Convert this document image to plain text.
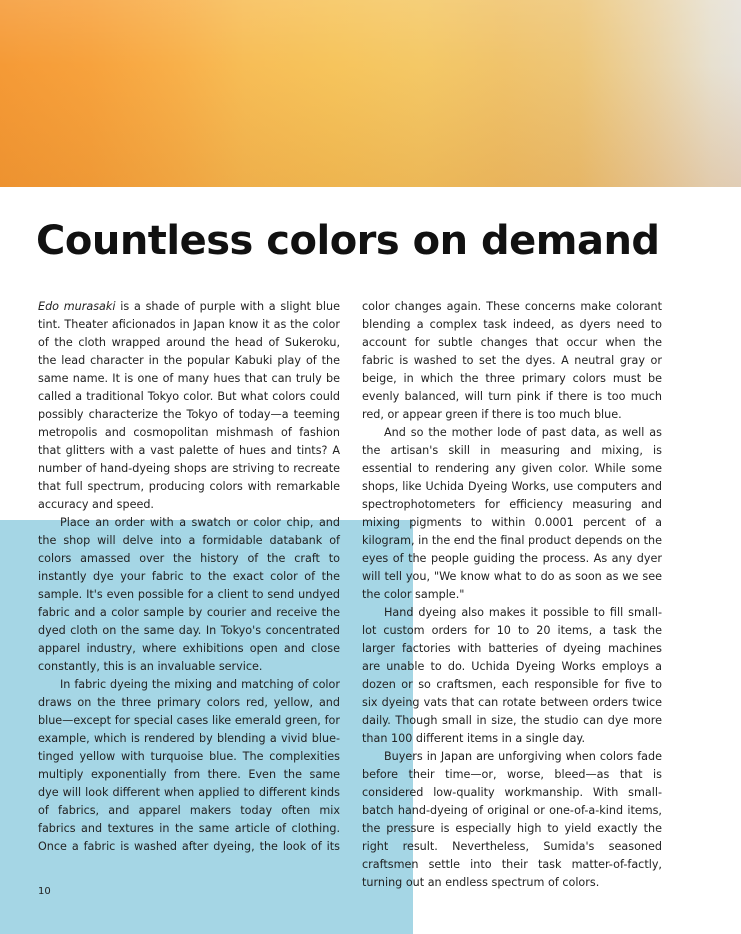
Countless colors on demand

Edo murasaki is a shade of purple with a slight blue tint. Theater aficionados in Japan know it as the color of the cloth wrapped around the head of Sukeroku, the lead character in the popular Kabuki play of the same name. It is one of many hues that can truly be called a traditional Tokyo color. But what colors could possibly characterize the Tokyo of today—a teeming metropolis and cosmopolitan mishmash of fashion that glitters with a vast palette of hues and tints? A number of hand-dyeing shops are striving to recreate that full spectrum, producing colors with remarkable accuracy and speed.

Place an order with a swatch or color chip, and the shop will delve into a formidable databank of colors amassed over the history of the craft to instantly dye your fabric to the exact color of the sample. It's even possible for a client to send undyed fabric and a color sample by courier and receive the dyed cloth on the same day. In Tokyo's concentrated apparel industry, where exhibitions open and close constantly, this is an invaluable service.

In fabric dyeing the mixing and matching of color draws on the three primary colors red, yellow, and blue—except for special cases like emerald green, for example, which is rendered by blending a vivid blue-tinged yellow with turquoise blue. The complexities multiply exponentially from there. Even the same dye will look different when applied to different kinds of fabrics, and apparel makers today often mix fabrics and textures in the same article of clothing. Once a fabric is washed after dyeing, the look of its

color changes again. These concerns make colorant blending a complex task indeed, as dyers need to account for subtle changes that occur when the fabric is washed to set the dyes. A neutral gray or beige, in which the three primary colors must be evenly balanced, will turn pink if there is too much red, or appear green if there is too much blue.

And so the mother lode of past data, as well as the artisan's skill in measuring and mixing, is essential to rendering any given color. While some shops, like Uchida Dyeing Works, use computers and spectrophotometers for efficiency measuring and mixing pigments to within 0.0001 percent of a kilogram, in the end the final product depends on the eyes of the people guiding the process. As any dyer will tell you, "We know what to do as soon as we see the color sample."

Hand dyeing also makes it possible to fill small-lot custom orders for 10 to 20 items, a task the larger factories with batteries of dyeing machines are unable to do. Uchida Dyeing Works employs a dozen or so craftsmen, each responsible for five to six dyeing vats that can rotate between orders twice daily. Though small in size, the studio can dye more than 100 different items in a single day.

Buyers in Japan are unforgiving when colors fade before their time—or, worse, bleed—as that is considered low-quality workmanship. With small-batch hand-dyeing of original or one-of-a-kind items, the pressure is especially high to yield exactly the right result. Nevertheless, Sumida's seasoned craftsmen settle into their task matter-of-factly, turning out an endless spectrum of colors.

10
